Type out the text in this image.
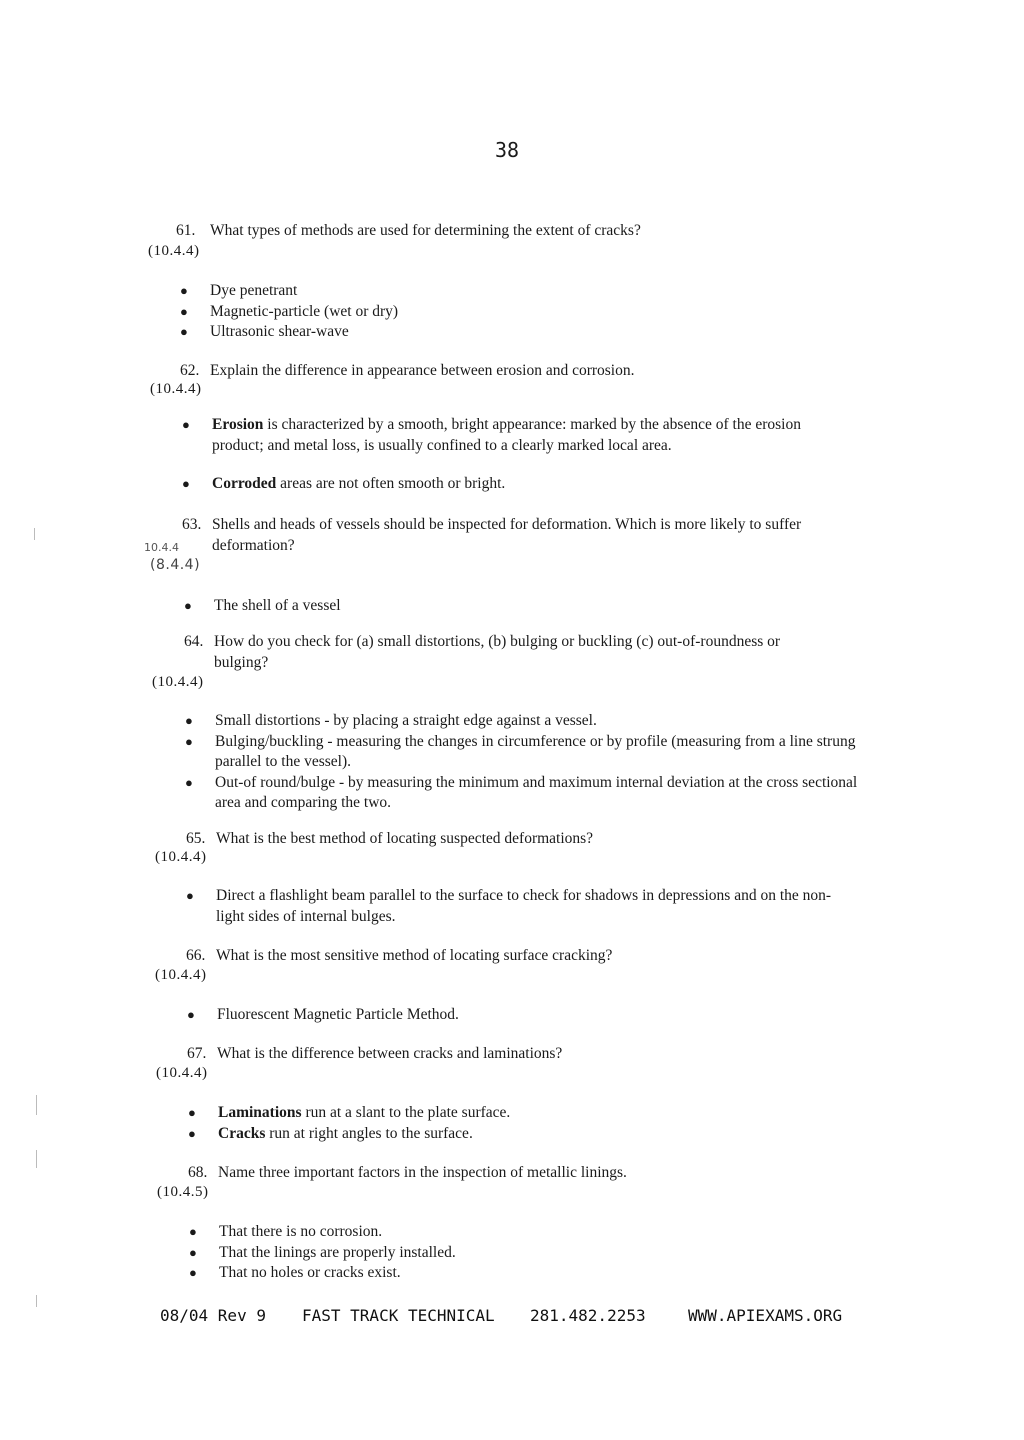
38
61. What types of methods are used for determining the extent of cracks?
(10.4.4)
● Dye penetrant
● Magnetic-particle (wet or dry)
● Ultrasonic shear-wave
62. Explain the difference in appearance between erosion and corrosion.
(10.4.4)
● Erosion is characterized by a smooth, bright appearance: marked by the absence of the erosion product; and metal loss, is usually confined to a clearly marked local area.
● Corroded areas are not often smooth or bright.
63. Shells and heads of vessels should be inspected for deformation. Which is more likely to suffer deformation?
10.4.4
(8.4.4)
● The shell of a vessel
64. How do you check for (a) small distortions, (b) bulging or buckling (c) out-of-roundness or bulging?
(10.4.4)
● Small distortions - by placing a straight edge against a vessel.
● Bulging/buckling - measuring the changes in circumference or by profile (measuring from a line strung parallel to the vessel).
● Out-of round/bulge - by measuring the minimum and maximum internal deviation at the cross sectional area and comparing the two.
65. What is the best method of locating suspected deformations?
(10.4.4)
● Direct a flashlight beam parallel to the surface to check for shadows in depressions and on the non-light sides of internal bulges.
66. What is the most sensitive method of locating surface cracking?
(10.4.4)
● Fluorescent Magnetic Particle Method.
67. What is the difference between cracks and laminations?
(10.4.4)
● Laminations run at a slant to the plate surface.
● Cracks run at right angles to the surface.
68. Name three important factors in the inspection of metallic linings.
(10.4.5)
● That there is no corrosion.
● That the linings are properly installed.
● That no holes or cracks exist.
08/04 Rev 9 FAST TRACK TECHNICAL 281.482.2253	WWW.APIEXAMS.ORG
